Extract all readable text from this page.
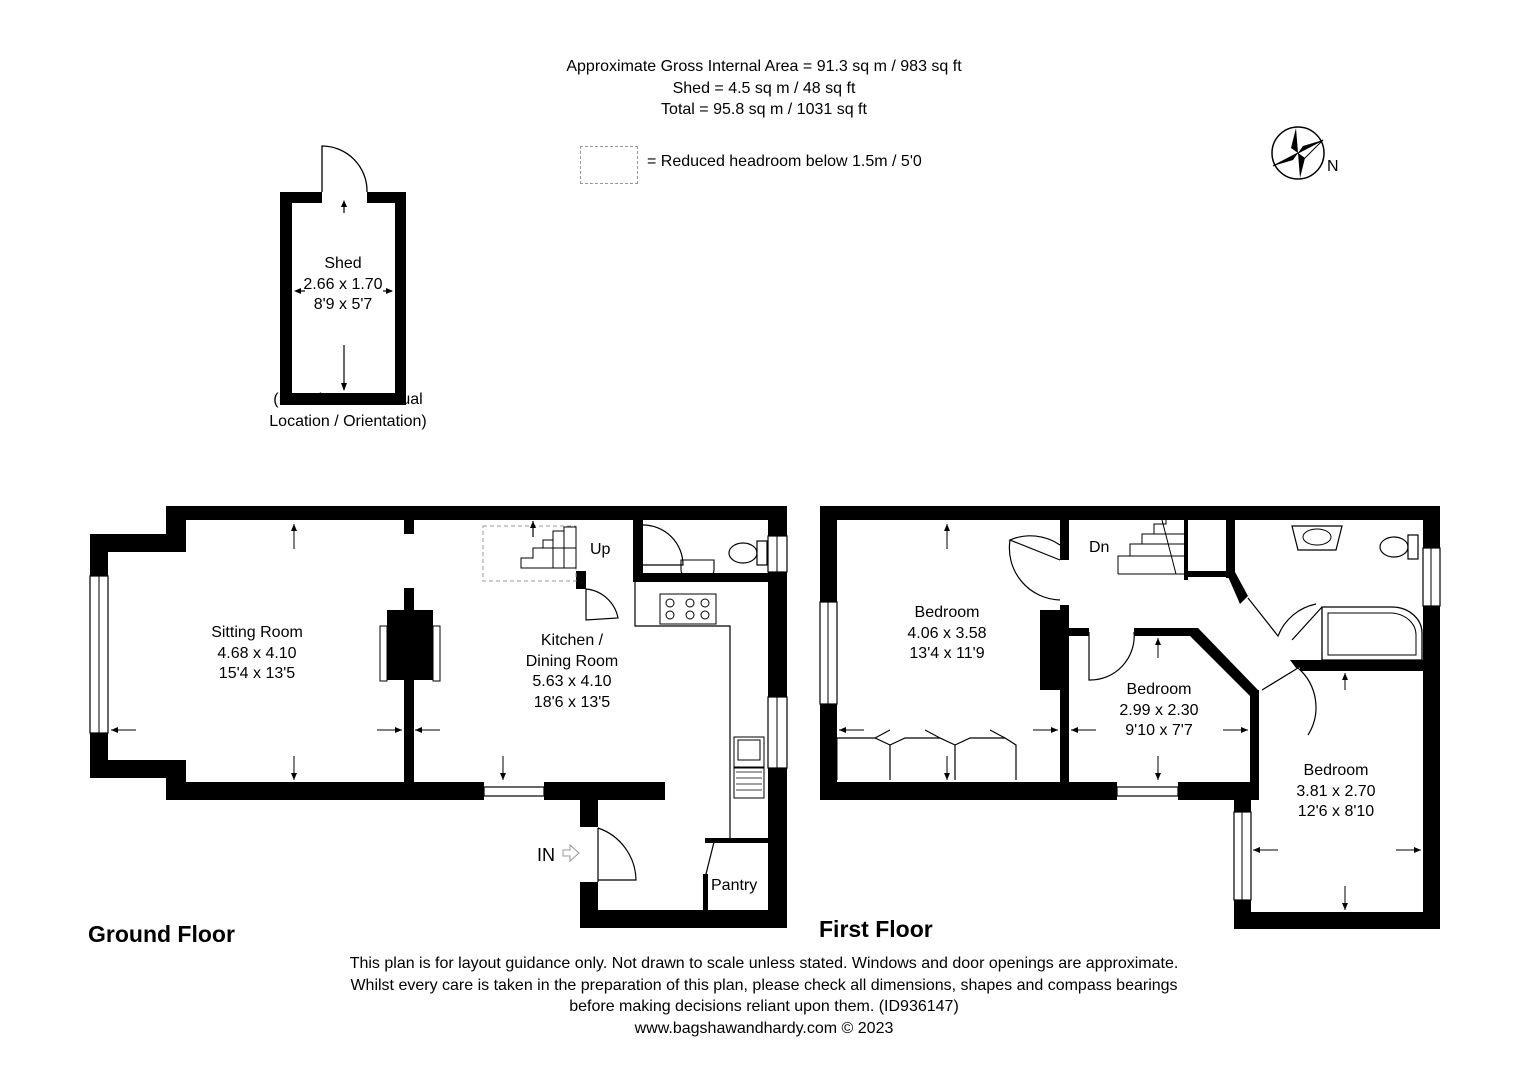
Approximate Gross Internal Area = 91.3 sq m / 983 sq ft
Shed = 4.5 sq m / 48 sq ft
Total = 95.8 sq m / 1031 sq ft
= Reduced headroom below 1.5m / 5'0	N
Shed
2.66 x 1.70
8'9 x 5'7
(Not Shown In Actual
Location / Orientation)
Sitting Room
4.68 x 4.10
15'4 x 13'5
Kitchen /
Dining Room
5.63 x 4.10
18'6 x 13'5
Up
IN
Pantry
Ground Floor
Bedroom
4.06 x 3.58
13'4 x 11'9
Bedroom
2.99 x 2.30
9'10 x 7'7
Bedroom
3.81 x 2.70
12'6 x 8'10
Dn
First Floor
This plan is for layout guidance only. Not drawn to scale unless stated. Windows and door openings are approximate.
Whilst every care is taken in the preparation of this plan, please check all dimensions, shapes and compass bearings
before making decisions reliant upon them. (ID936147)
www.bagshawandhardy.com © 2023
